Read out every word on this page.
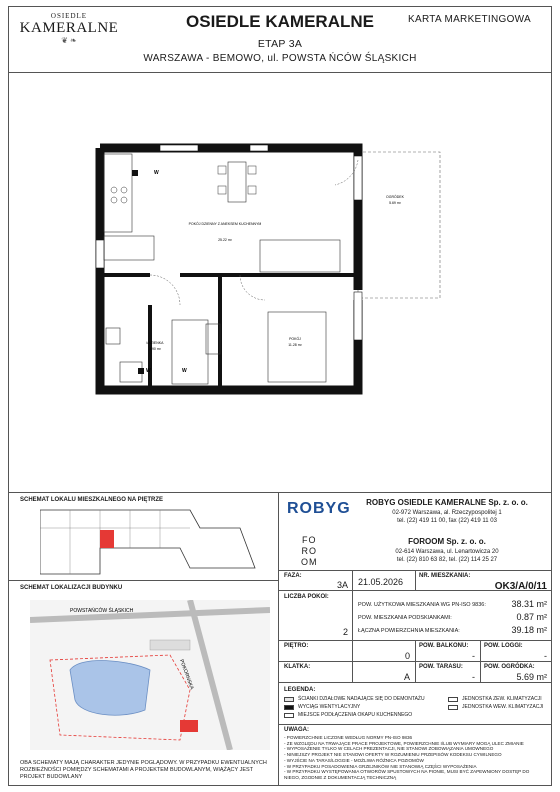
OSIEDLE
KAMERALNE
❦ ❧
OSIEDLE KAMERALNE
ETAP 3A
WARSZAWA - BEMOWO, ul. POWSTA ŃCÓW ŚLĄSKICH
KARTA MARKETINGOWA
POKÓJ DZIENNY Z ANEKSEM KUCHENNYM
25.22 m²
POKÓJ
11.28 m²
ŁAZIENKA
3.90 m²
OGRÓDEK
5.69 m²
W
W	W
SCHEMAT LOKALU MIESZKALNEGO NA PIĘTRZE
SCHEMAT LOKALIZACJI BUDYNKU
POWSTAŃCÓW ŚLĄSKICH
POKORNSKA
OBA SCHEMATY MAJĄ CHARAKTER JEDYNIE POGLĄDOWY. W PRZYPADKU EWENTUALNYCH ROZBIEŻNOŚCI POMIĘDZY SCHEMATAMI A PROJEKTEM BUDOWLANYM, WIĄŻĄCY JEST PROJEKT BUDOWLANY
ROBYG	ROBYG OSIEDLE KAMERALNE Sp. z. o. o.
02-972 Warszawa, al. Rzeczypospolitej 1
tel. (22) 419 11 00, fax (22) 419 11 03
FO
RO
OM
FOROOM Sp. z. o. o.
02-614 Warszawa, ul. Lenartowicza 20
tel. (22) 810 63 82, tel. (22) 114 25 27
FAZA:
3A 21.05.2026
NR. MIESZKANIA:
OK3/A/0/11
LICZBA POKOI:
2
POW. UŻYTKOWA MIESZKANIA WG PN-ISO 9836:	38.31 m²
POW. MIESZKANIA PODSKIANKAMI:	0.87 m²
ŁĄCZNA POWIERZCHNIA MIESZKANIA:	39.18 m²
PIĘTRO:
0
POW. BALKONU:
-
POW. LOGGI:
-
KLATKA:
A
POW. TARASU:
-
POW. OGRÓDKA:
5.69 m²
LEGENDA:
ŚCIANKI DZIAŁOWE NADAJĄCE SIĘ DO DEMONTAŻU
WYCIĄG WENTYLACYJNY
MIEJSCE PODŁĄCZENIA OKAPU KUCHENNEGO
JEDNOSTKA ZEW. KLIMATYZACJI
JEDNOSTKA WEW. KLIMATYZACJI
UWAGA:
- POWIERZCHNIE LICZONE WEDŁUG NORMY PN-ISO 9836
- ZE WZGLĘDU NA TRWAJĄCE PRACE PROJEKTOWE, POWIERZCHNIE I/LUB WYMIARY MOGĄ ULEC ZMIANIE
- WYPOSAŻENIE TYLKO W CELACH PREZENTACJI, NIE STANOWI ZOBOWIĄZANIA UMOWNEGO
- NINIEJSZY PROJEKT NIE STANOWI OFERTY W ROZUMIENIU PRZEPISÓW KODEKSU CYWILNEGO
- WYJŚCIE NA TARAS/LOGGIE - MOŻLIWA RÓŻNICA POZIOMÓW
- W PRZYPADKU POSADOWIENIA GRZEJNIKÓW NIE STANOWIĄ CZĘŚCI WYPOSAŻENIA
- W PRZYPADKU WYSTĘPOWANIA OTWORÓW SPUSTOWYCH NA PIONIE, MUSI BYĆ ZAPEWNIONY DOSTĘP DO
NIEGO, ZGODNIE Z DOKUMENTACJĄ TECHNICZNĄ
